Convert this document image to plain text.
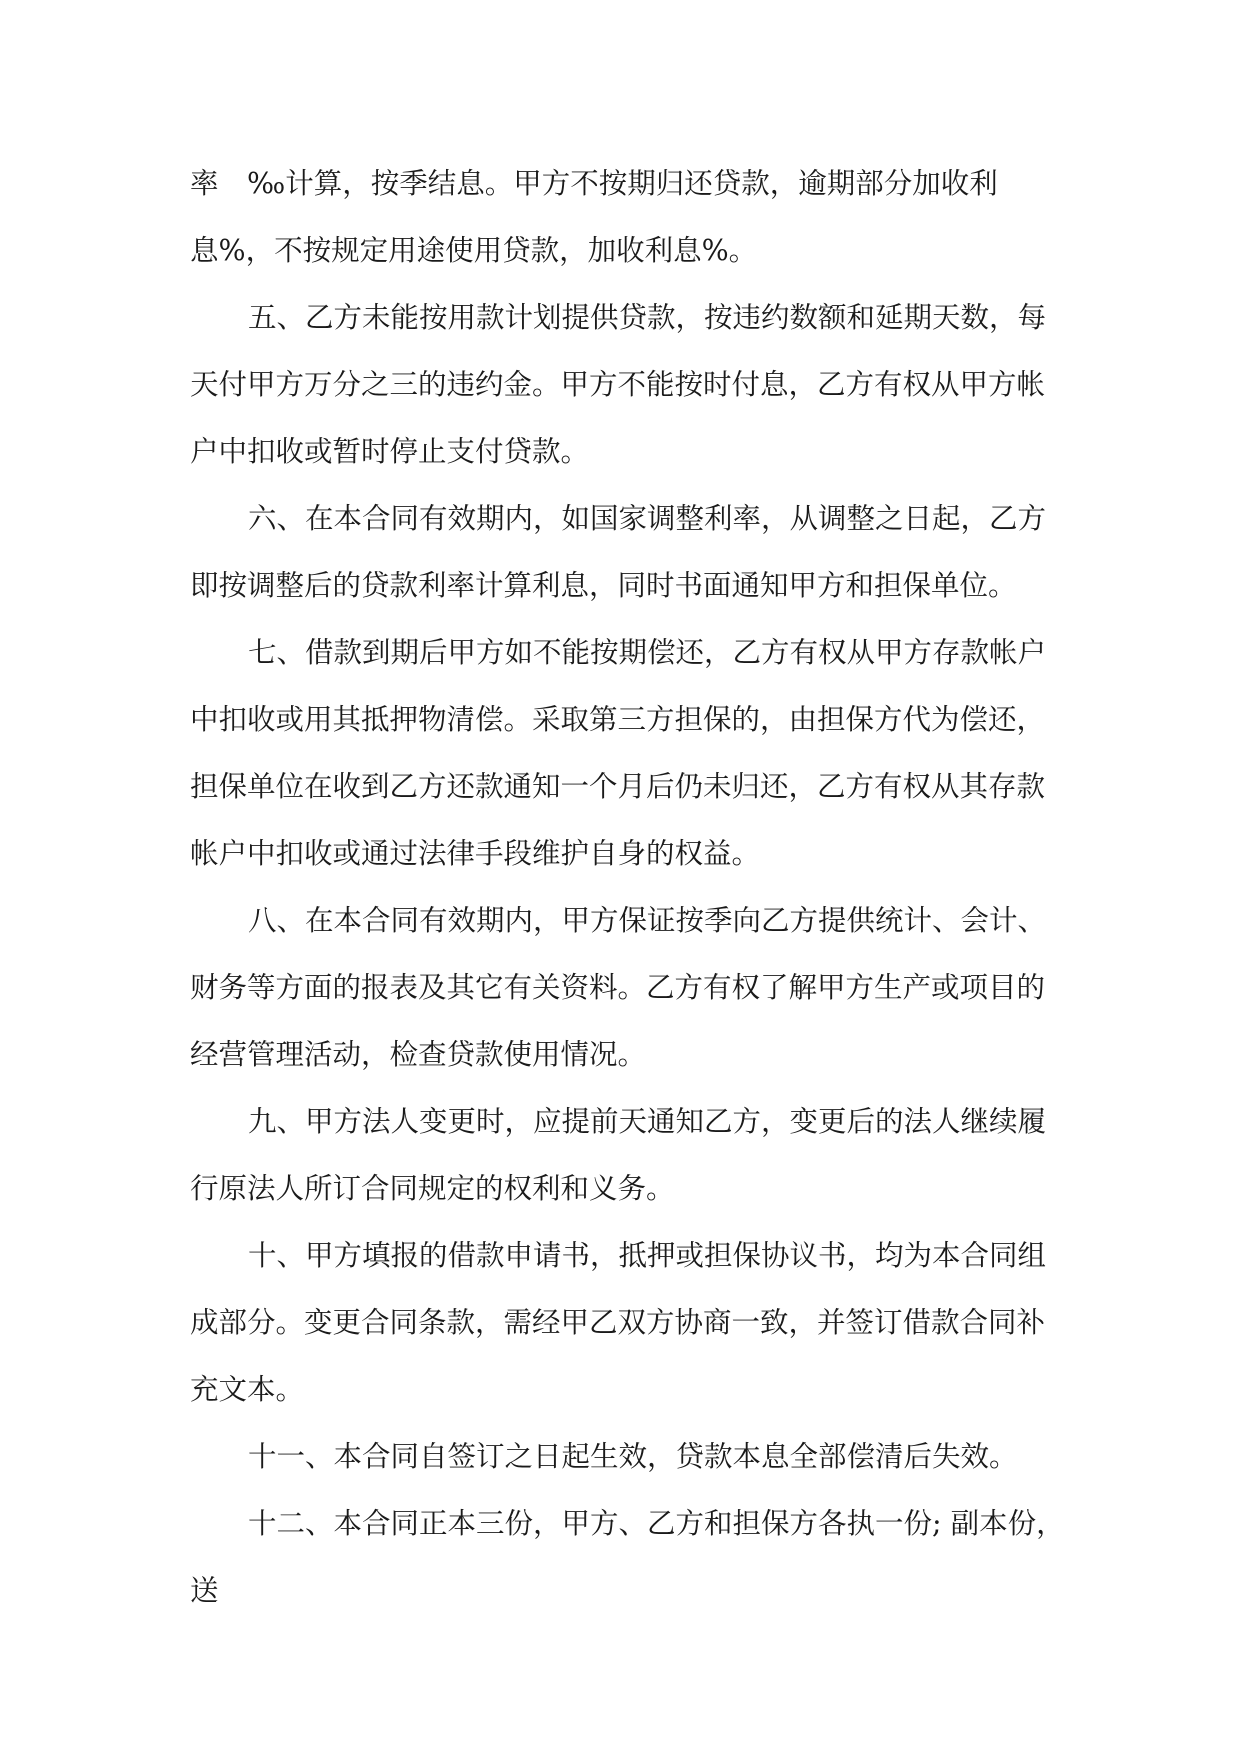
率　‰计算，按季结息。甲方不按期归还贷款，逾期部分加收利
息%，不按规定用途使用贷款，加收利息%。
五、乙方未能按用款计划提供贷款，按违约数额和延期天数，每
天付甲方万分之三的违约金。甲方不能按时付息，乙方有权从甲方帐
户中扣收或暂时停止支付贷款。
六、在本合同有效期内，如国家调整利率，从调整之日起，乙方
即按调整后的贷款利率计算利息，同时书面通知甲方和担保单位。
七、借款到期后甲方如不能按期偿还，乙方有权从甲方存款帐户
中扣收或用其抵押物清偿。采取第三方担保的，由担保方代为偿还，
担保单位在收到乙方还款通知一个月后仍未归还，乙方有权从其存款
帐户中扣收或通过法律手段维护自身的权益。
八、在本合同有效期内，甲方保证按季向乙方提供统计、会计、
财务等方面的报表及其它有关资料。乙方有权了解甲方生产或项目的
经营管理活动，检查贷款使用情况。
九、甲方法人变更时，应提前天通知乙方，变更后的法人继续履
行原法人所订合同规定的权利和义务。
十、甲方填报的借款申请书，抵押或担保协议书，均为本合同组
成部分。变更合同条款，需经甲乙双方协商一致，并签订借款合同补
充文本。
十一、本合同自签订之日起生效，贷款本息全部偿清后失效。
十二、本合同正本三份，甲方、乙方和担保方各执一份; 副本份，
送
